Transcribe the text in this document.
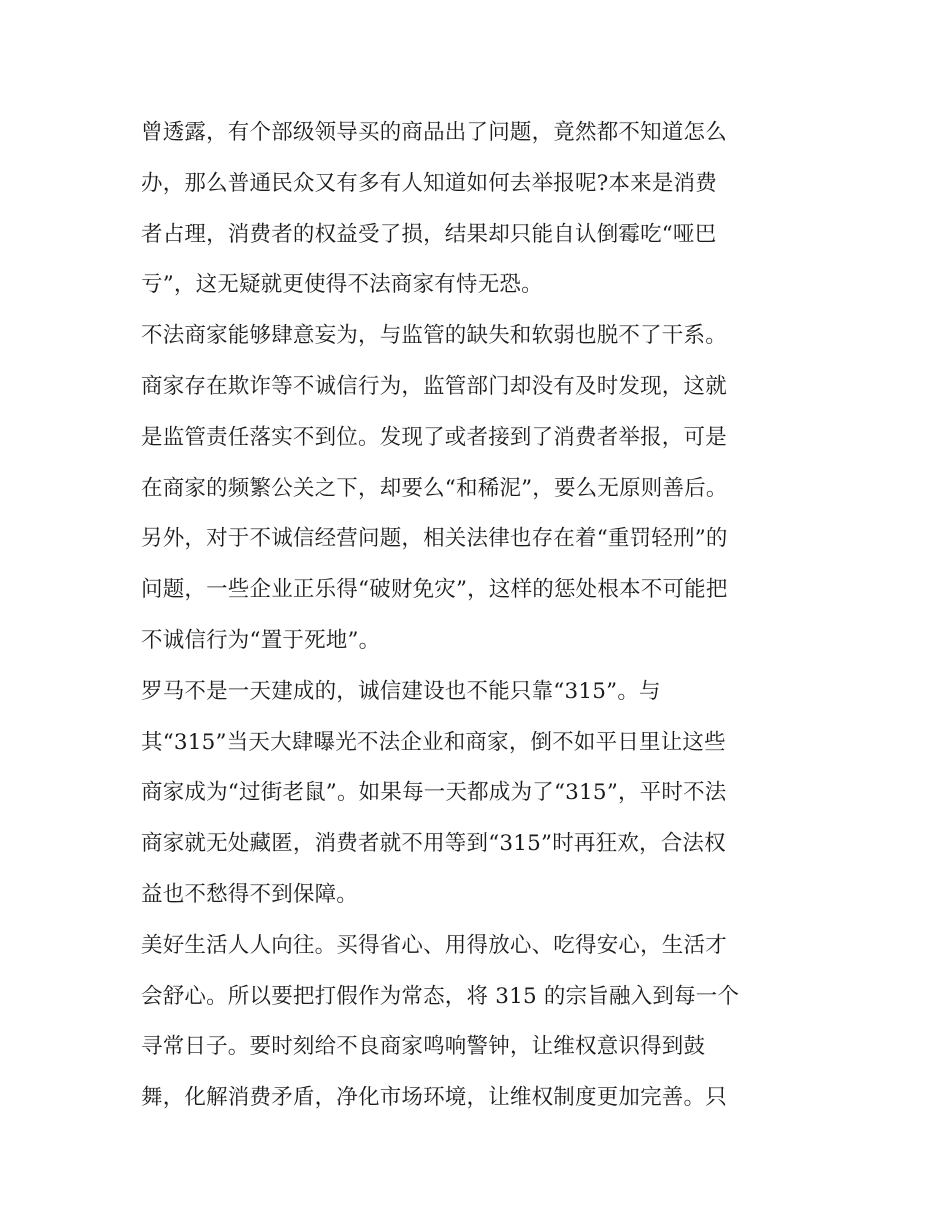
曾透露，有个部级领导买的商品出了问题，竟然都不知道怎么
办，那么普通民众又有多有人知道如何去举报呢?本来是消费
者占理，消费者的权益受了损，结果却只能自认倒霉吃“哑巴
亏”，这无疑就更使得不法商家有恃无恐。
不法商家能够肆意妄为，与监管的缺失和软弱也脱不了干系。
商家存在欺诈等不诚信行为，监管部门却没有及时发现，这就
是监管责任落实不到位。发现了或者接到了消费者举报，可是
在商家的频繁公关之下，却要么“和稀泥”，要么无原则善后。
另外，对于不诚信经营问题，相关法律也存在着“重罚轻刑”的
问题，一些企业正乐得“破财免灾”，这样的惩处根本不可能把
不诚信行为“置于死地”。
罗马不是一天建成的，诚信建设也不能只靠“315”。与
其“315”当天大肆曝光不法企业和商家，倒不如平日里让这些
商家成为“过街老鼠”。如果每一天都成为了“315”，平时不法
商家就无处藏匿，消费者就不用等到“315”时再狂欢，合法权
益也不愁得不到保障。
美好生活人人向往。买得省心、用得放心、吃得安心，生活才
会舒心。所以要把打假作为常态，将 315 的宗旨融入到每一个
寻常日子。要时刻给不良商家鸣响警钟，让维权意识得到鼓
舞，化解消费矛盾，净化市场环境，让维权制度更加完善。只
